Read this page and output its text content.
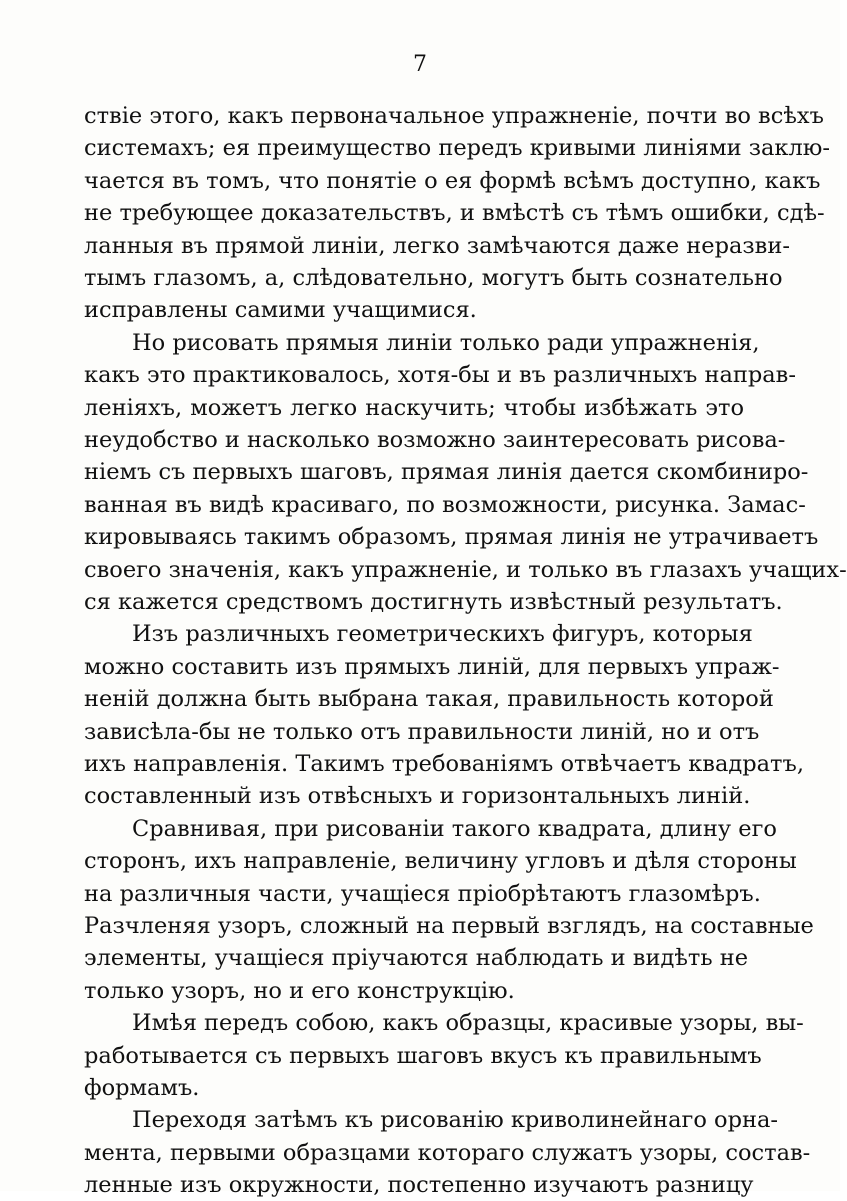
7
ствіе этого, какъ первоначальное упражненіе, почти во всѣхъ
системахъ; ея преимущество передъ кривыми линіями заклю-
чается въ томъ, что понятіе о ея формѣ всѣмъ доступно, какъ
не требующее доказательствъ, и вмѣстѣ съ тѣмъ ошибки, сдѣ-
ланныя въ прямой линіи, легко замѣчаются даже неразви-
тымъ глазомъ, а, слѣдовательно, могутъ быть сознательно
исправлены самими учащимися.
Но рисовать прямыя линіи только ради упражненія,
какъ это практиковалось, хотя-бы и въ различныхъ направ-
леніяхъ, можетъ легко наскучить; чтобы избѣжать это
неудобство и насколько возможно заинтересовать рисова-
ніемъ съ первыхъ шаговъ, прямая линія дается скомбиниро-
ванная въ видѣ красиваго, по возможности, рисунка. Замас-
кировываясь такимъ образомъ, прямая линія не утрачиваетъ
своего значенія, какъ упражненіе, и только въ глазахъ учащих-
ся кажется средствомъ достигнуть извѣстный результатъ.
Изъ различныхъ геометрическихъ фигуръ, которыя
можно составить изъ прямыхъ линій, для первыхъ упраж-
неній должна быть выбрана такая, правильность которой
зависѣла-бы не только отъ правильности линій, но и отъ
ихъ направленія. Такимъ требованіямъ отвѣчаетъ квадратъ,
составленный изъ отвѣсныхъ и горизонтальныхъ линій.
Сравнивая, при рисованіи такого квадрата, длину его
сторонъ, ихъ направленіе, величину угловъ и дѣля стороны
на различныя части, учащіеся пріобрѣтаютъ глазомѣръ.
Разчленяя узоръ, сложный на первый взглядъ, на составные
элементы, учащіеся пріучаются наблюдать и видѣть не
только узоръ, но и его конструкцію.
Имѣя передъ собою, какъ образцы, красивые узоры, вы-
работывается съ первыхъ шаговъ вкусъ къ правильнымъ
формамъ.
Переходя затѣмъ къ рисованію криволинейнаго орна-
мента, первыми образцами котораго служатъ узоры, состав-
ленные изъ окружности, постепенно изучаютъ разницу
